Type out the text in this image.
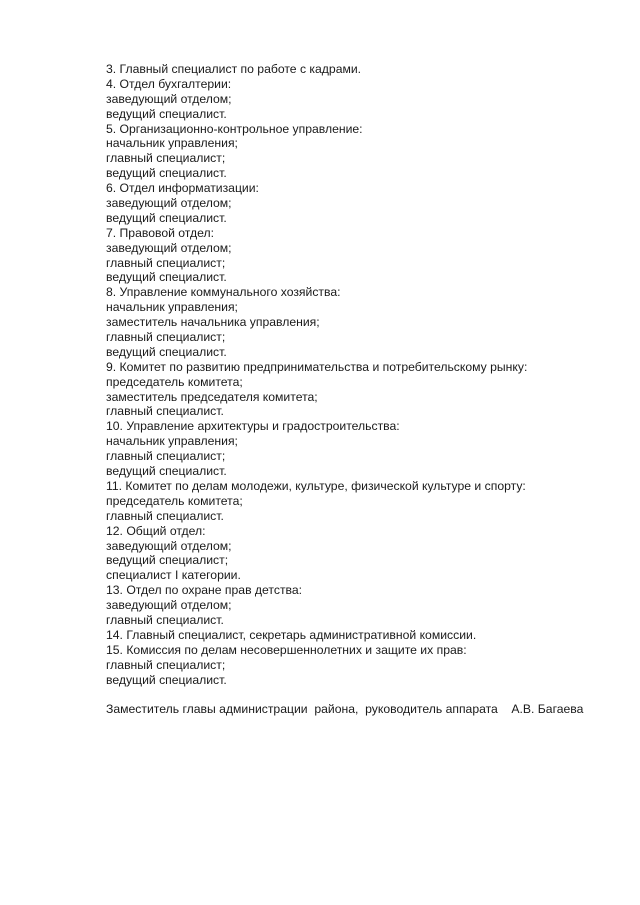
3. Главный специалист по работе с кадрами.
4. Отдел бухгалтерии:
заведующий отделом;
ведущий специалист.
5. Организационно-контрольное управление:
начальник управления;
главный специалист;
ведущий специалист.
6. Отдел информатизации:
заведующий отделом;
ведущий специалист.
7. Правовой отдел:
заведующий отделом;
главный специалист;
ведущий специалист.
8. Управление коммунального хозяйства:
начальник управления;
заместитель начальника управления;
главный специалист;
ведущий специалист.
9. Комитет по развитию предпринимательства и потребительскому рынку:
председатель комитета;
заместитель председателя комитета;
главный специалист.
10. Управление архитектуры и градостроительства:
начальник управления;
главный специалист;
ведущий специалист.
11. Комитет по делам молодежи, культуре, физической культуре и спорту:
председатель комитета;
главный специалист.
12. Общий отдел:
заведующий отделом;
ведущий специалист;
специалист I категории.
13. Отдел по охране прав детства:
заведующий отделом;
главный специалист.
14. Главный специалист, секретарь административной комиссии.
15. Комиссия по делам несовершеннолетних и защите их прав:
главный специалист;
ведущий специалист.
Заместитель главы администрации  района,  руководитель аппарата    А.В. Багаева
